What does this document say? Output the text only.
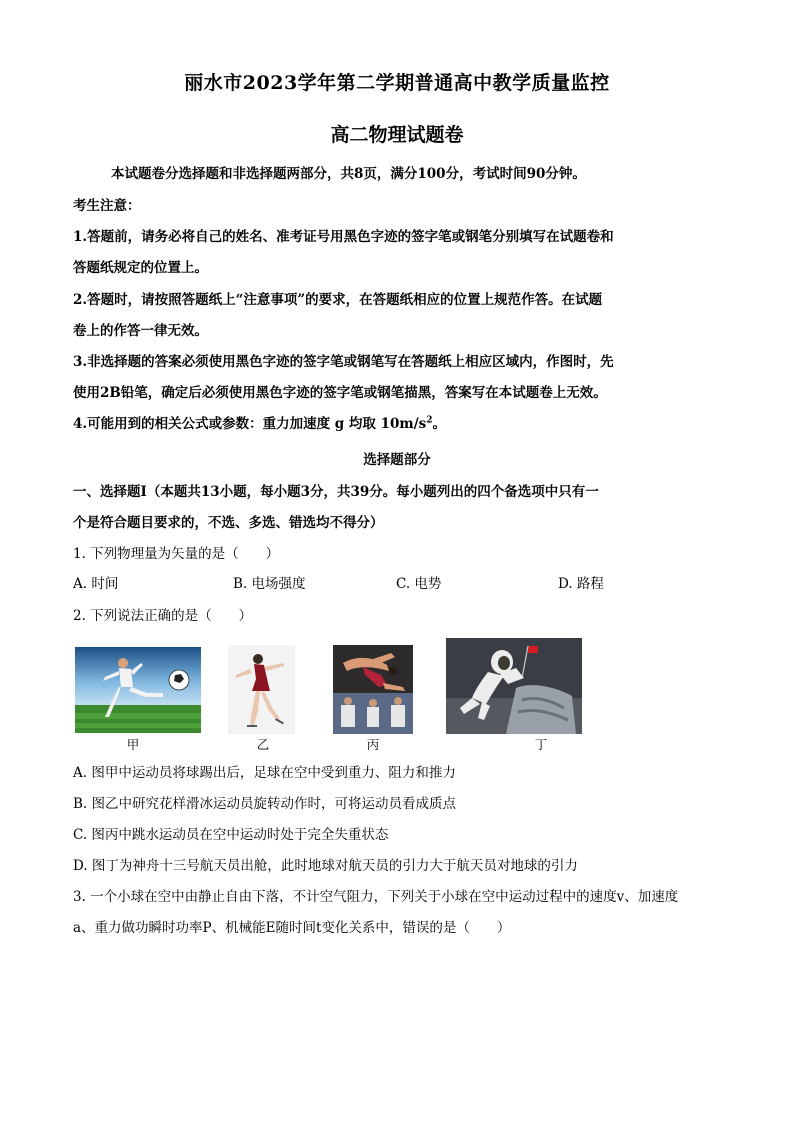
丽水市2023学年第二学期普通高中教学质量监控
高二物理试题卷
本试题卷分选择题和非选择题两部分，共8页，满分100分，考试时间90分钟。
考生注意：
1.答题前，请务必将自己的姓名、准考证号用黑色字迹的签字笔或钢笔分别填写在试题卷和
答题纸规定的位置上。
2.答题时，请按照答题纸上“注意事项”的要求，在答题纸相应的位置上规范作答。在试题
卷上的作答一律无效。
3.非选择题的答案必须使用黑色字迹的签字笔或钢笔写在答题纸上相应区域内，作图时，先
使用2B铅笔，确定后必须使用黑色字迹的签字笔或钢笔描黑，答案写在本试题卷上无效。
4.可能用到的相关公式或参数：重力加速度 g 均取 $10m/s^2$。
选择题部分
一、选择题Ⅰ（本题共13小题，每小题3分，共39分。每小题列出的四个备选项中只有一
个是符合题目要求的，不选、多选、错选均不得分）
1. 下列物理量为矢量的是（　　）
A. 时间	B. 电场强度	C. 电势	D. 路程
2. 下列说法正确的是（　　）
甲	乙	丙	丁
A. 图甲中运动员将球踢出后，足球在空中受到重力、阻力和推力
B. 图乙中研究花样滑冰运动员旋转动作时，可将运动员看成质点
C. 图丙中跳水运动员在空中运动时处于完全失重状态
D. 图丁为神舟十三号航天员出舱，此时地球对航天员的引力大于航天员对地球的引力
3. 一个小球在空中由静止自由下落，不计空气阻力，下列关于小球在空中运动过程中的速度v、加速度
a、重力做功瞬时功率P、机械能E随时间t变化关系中，错误的是（　　）
